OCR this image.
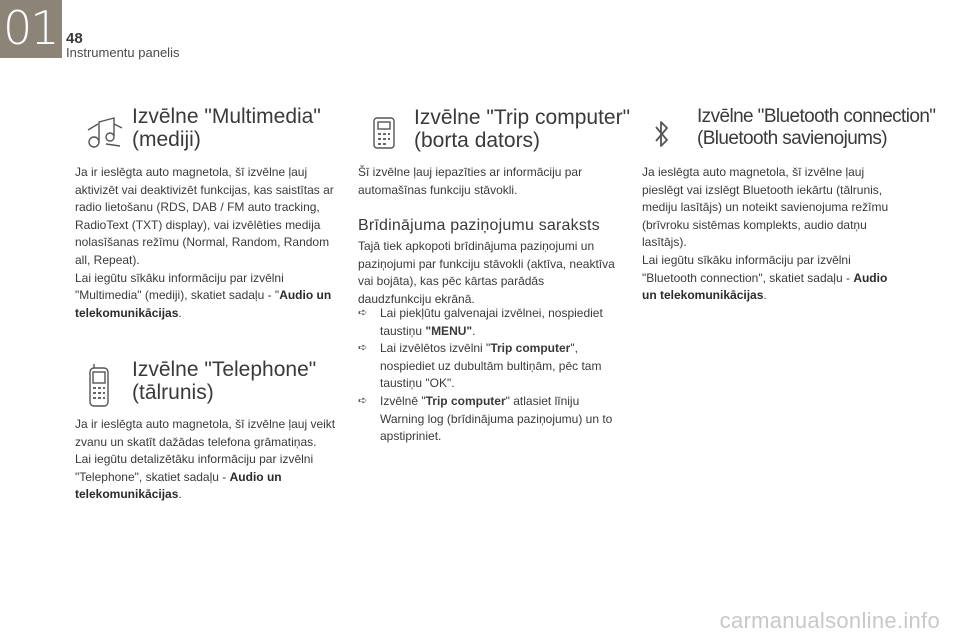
01 48
Instrumentu panelis
Izvēlne "Multimedia"
(mediji)

Ja ir ieslēgta auto magnetola, šī izvēlne ļauj aktivizēt vai deaktivizēt funkcijas, kas saistītas ar radio lietošanu (RDS, DAB / FM auto tracking, RadioText (TXT) display), vai izvēlēties medija nolasīšanas režīmu (Normal, Random, Random all, Repeat).
Lai iegūtu sīkāku informāciju par izvēlni "Multimedia" (mediji), skatiet sadaļu - "Audio un telekomunikācijas.

Izvēlne "Telephone"
(tālrunis)

Ja ir ieslēgta auto magnetola, šī izvēlne ļauj veikt zvanu un skatīt dažādas telefona grāmatiņas.
Lai iegūtu detalizētāku informāciju par izvēlni "Telephone", skatiet sadaļu - Audio un telekomunikācijas.

Izvēlne "Trip computer"
(borta dators)

Šī izvēlne ļauj iepazīties ar informāciju par automašīnas funkciju stāvokli.

Brīdinājuma paziņojumu saraksts

Tajā tiek apkopoti brīdinājuma paziņojumi un paziņojumi par funkciju stāvokli (aktīva, neaktīva vai bojāta), kas pēc kārtas parādās daudzfunkciju ekrānā.

➪ Lai piekļūtu galvenajai izvēlnei, nospiediet taustiņu "MENU".
➪ Lai izvēlētos izvēlni "Trip computer", nospiediet uz dubultām bultiņām, pēc tam taustiņu "OK".
➪ Izvēlnē "Trip computer" atlasiet līniju Warning log (brīdinājuma paziņojumu) un to apstipriniet.
Izvēlne "Bluetooth connection"
(Bluetooth savienojums)

Ja ieslēgta auto magnetola, šī izvēlne ļauj pieslēgt vai izslēgt Bluetooth iekārtu (tālrunis, mediju lasītājs) un noteikt savienojuma režīmu (brīvroku sistēmas komplekts, audio datņu lasītājs).
Lai iegūtu sīkāku informāciju par izvēlni "Bluetooth connection", skatiet sadaļu - Audio un telekomunikācijas.

carmanualsonline.info
